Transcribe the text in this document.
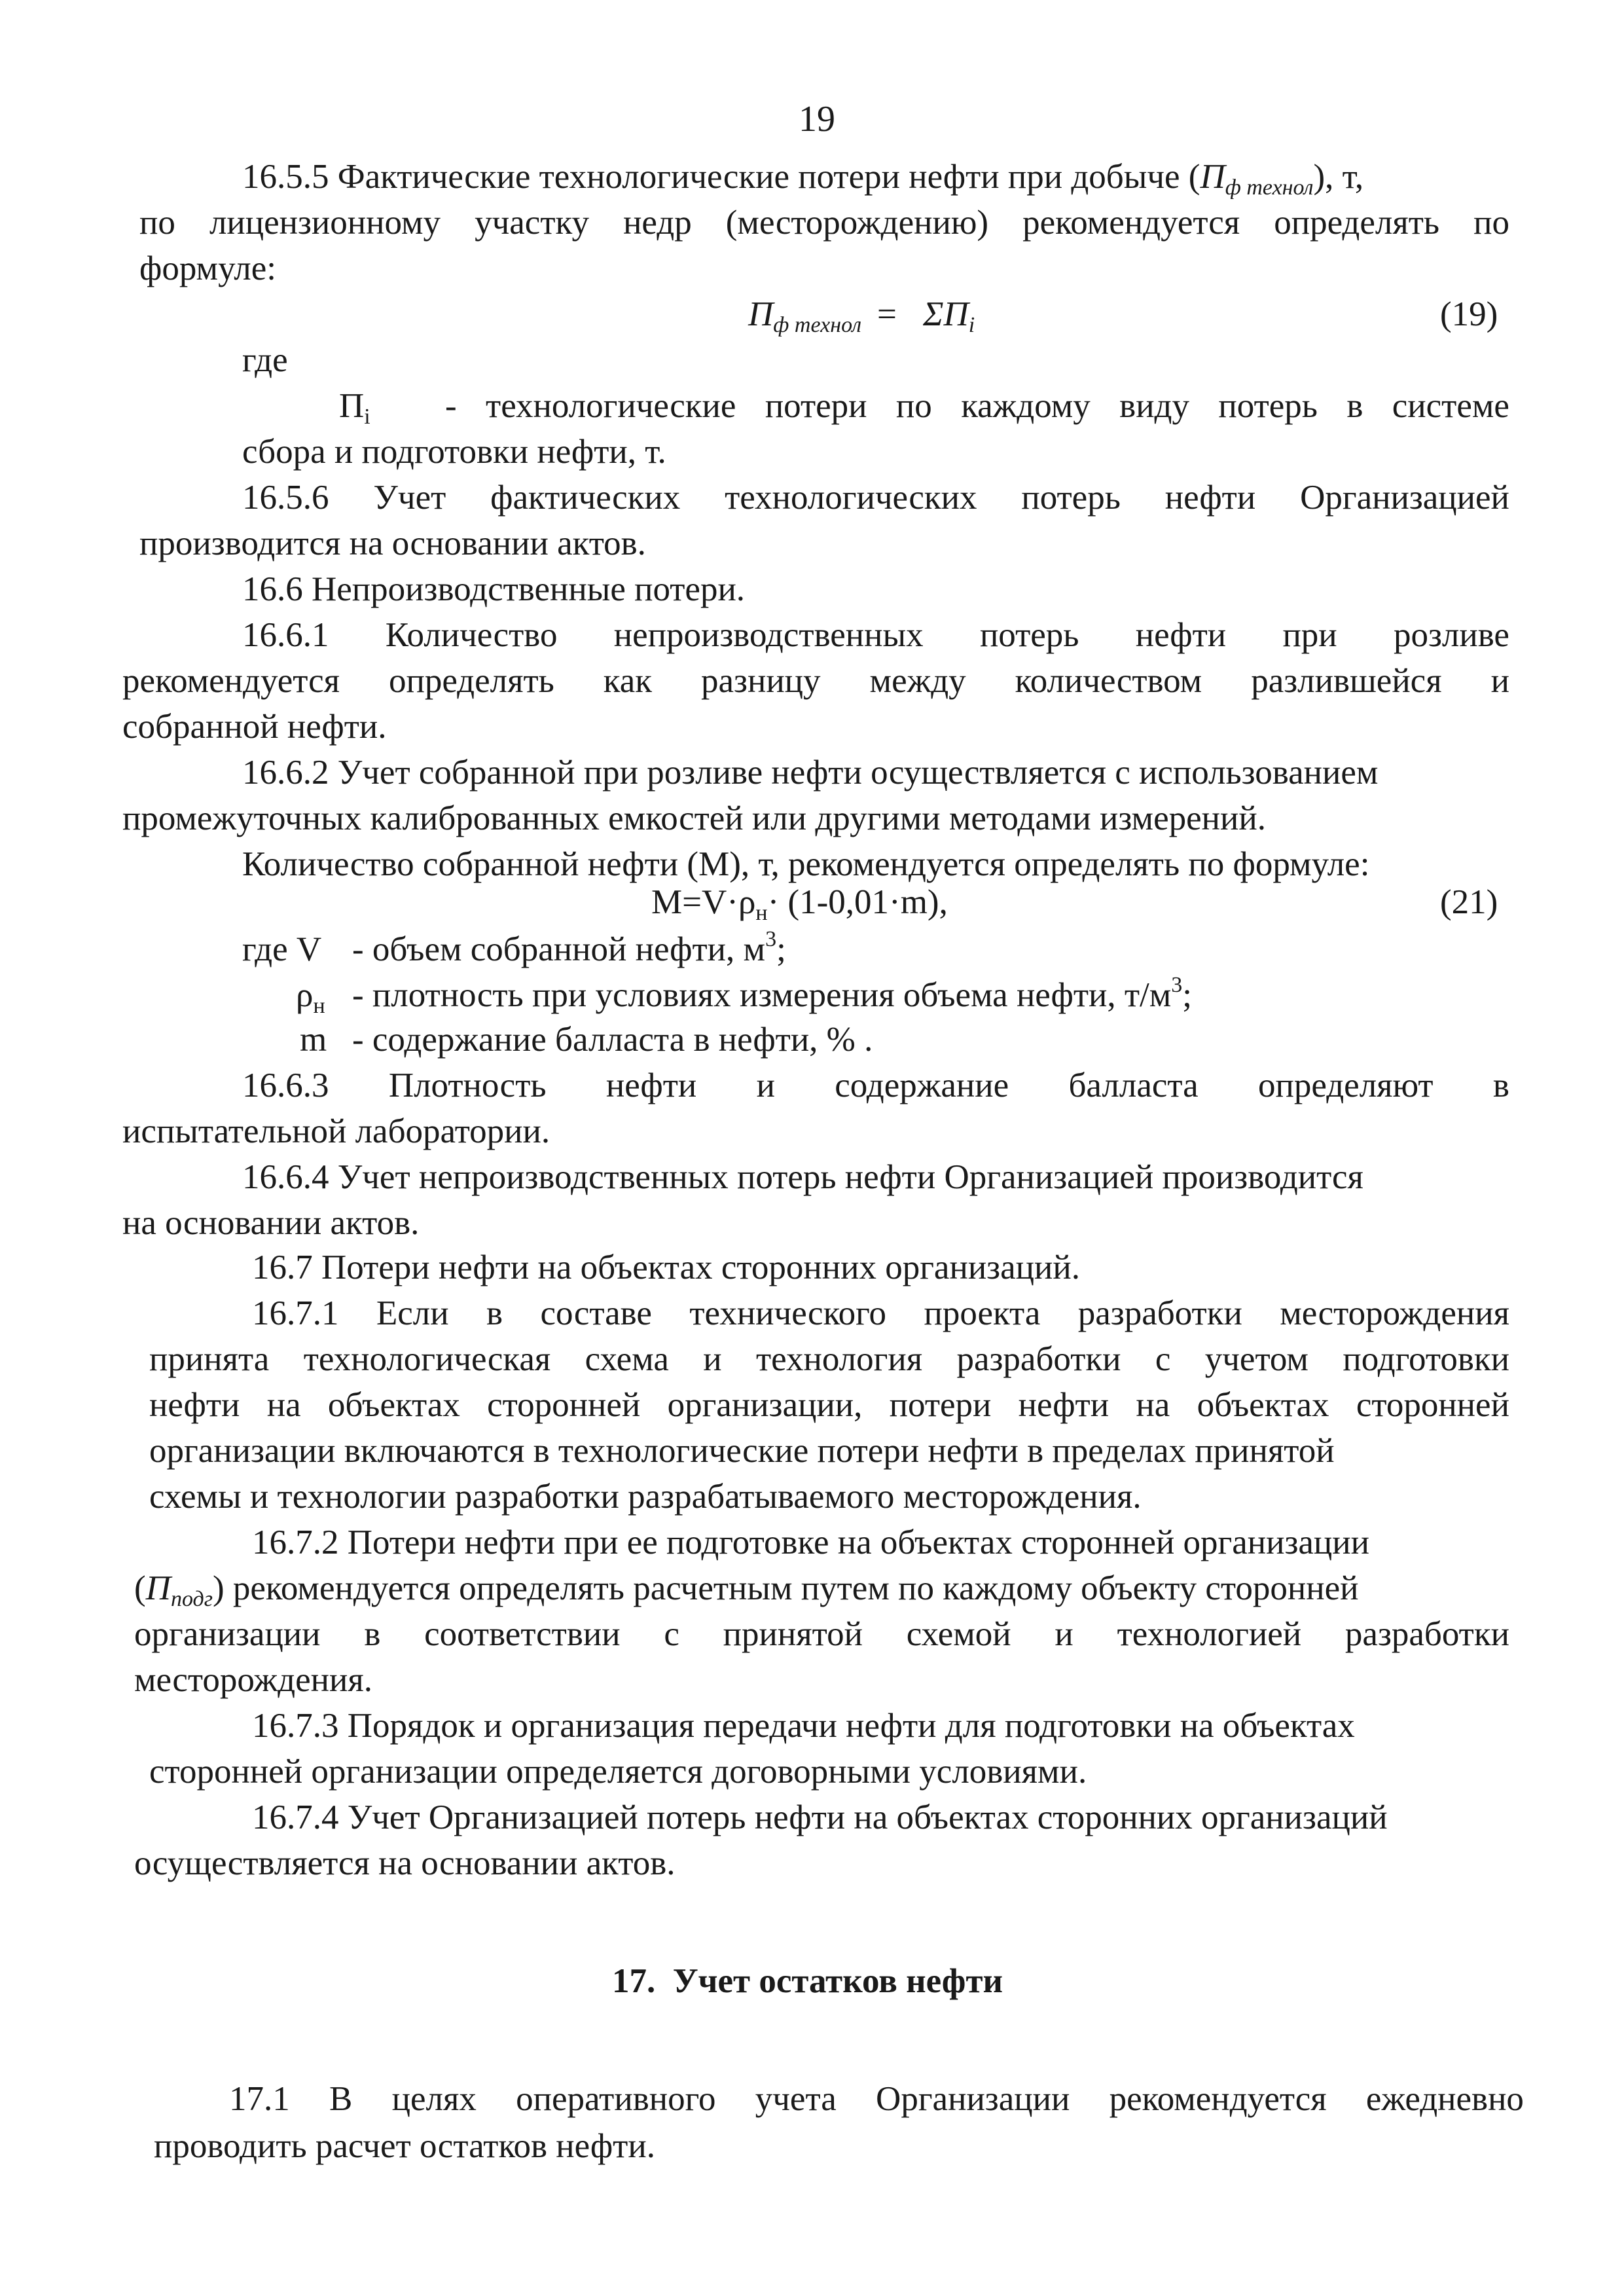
19

16.5.5 Фактические технологические потери нефти при добыче $(П_{ф технол})$, т,

по лицензионному участку недр (месторождению) рекомендуется определять по

формуле:

$П_{ф технол} = \Sigma П_i$	(19)

где

$П_i$ - технологические потери по каждому виду потерь в системе

сбора и подготовки нефти, т.

16.5.6 Учет фактических технологических потерь нефти Организацией

производится на основании актов.

16.6 Непроизводственные потери.

16.6.1 Количество непроизводственных потерь нефти при розливе

рекомендуется определять как разницу между количеством разлившейся и

собранной нефти.

16.6.2 Учет собранной при розливе нефти осуществляется с использованием

промежуточных калиброванных емкостей или другими методами измерений.

Количество собранной нефти (М), т, рекомендуется определять по формуле:

$M=V\cdot\rho_н\cdot (1-0,01\cdot m)$,	(21)
где V - объем собранной нефти, $м^3$;
$\rho_н$ - плотность при условиях измерения объема нефти, $т/м^3$;
m - содержание балласта в нефти, % .

16.6.3 Плотность нефти и содержание балласта определяют в

испытательной лаборатории.

16.6.4 Учет непроизводственных потерь нефти Организацией производится

на основании актов.

16.7 Потери нефти на объектах сторонних организаций.

16.7.1 Если в составе технического проекта разработки месторождения

принята технологическая схема и технология разработки с учетом подготовки

нефти на объектах сторонней организации, потери нефти на объектах сторонней

организации включаются в технологические потери нефти в пределах принятой

схемы и технологии разработки разрабатываемого месторождения.

16.7.2 Потери нефти при ее подготовке на объектах сторонней организации

$(П_{подг})$ рекомендуется определять расчетным путем по каждому объекту сторонней

организации в соответствии с принятой схемой и технологией разработки

месторождения.

16.7.3 Порядок и организация передачи нефти для подготовки на объектах

сторонней организации определяется договорными условиями.

16.7.4 Учет Организацией потерь нефти на объектах сторонних организаций

осуществляется на основании актов.

17. Учет остатков нефти

17.1 В целях оперативного учета Организации рекомендуется ежедневно

проводить расчет остатков нефти.
